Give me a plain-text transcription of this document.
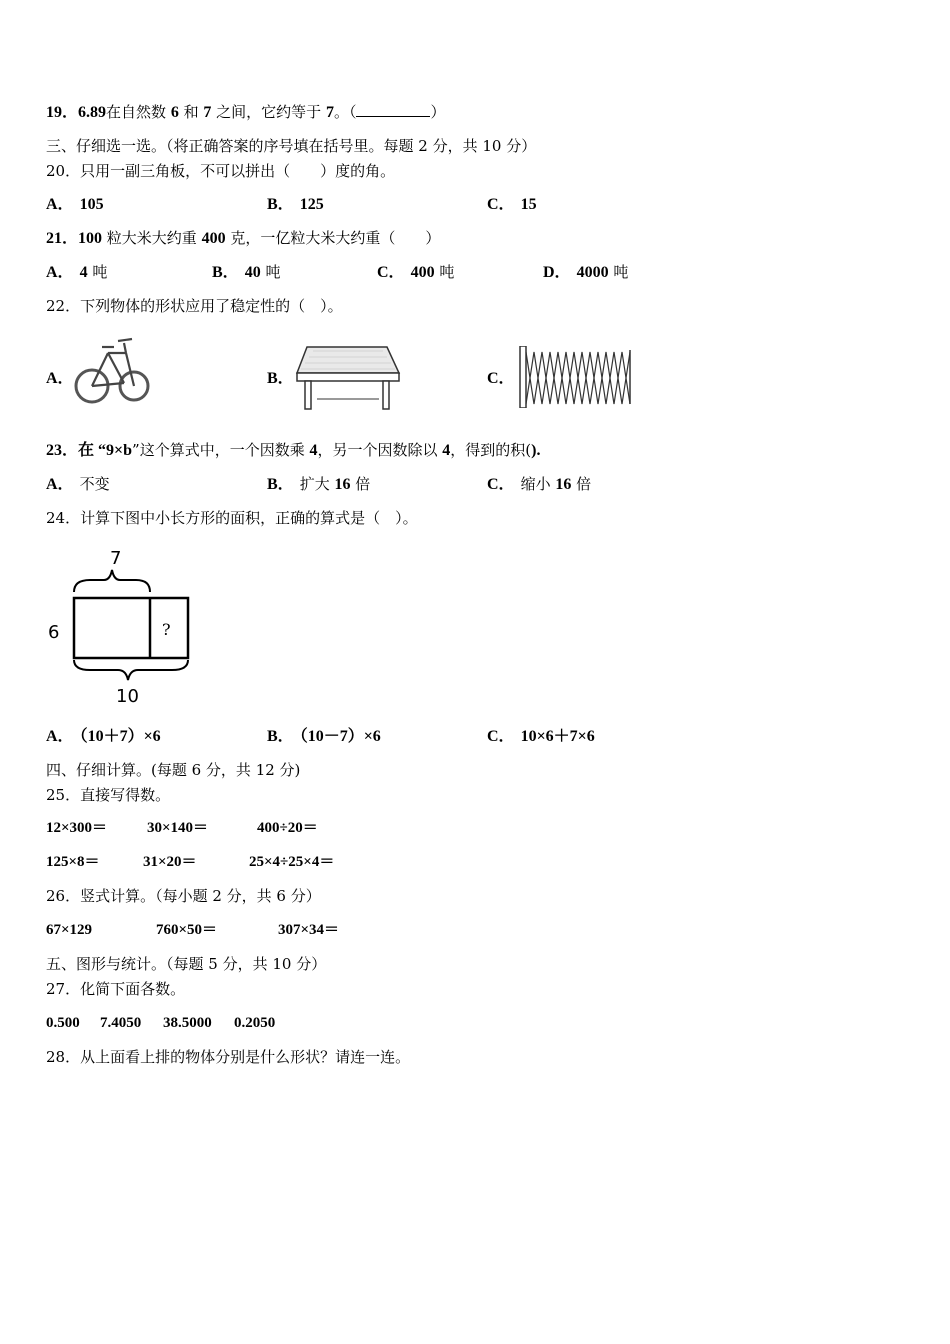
19．6.89在自然数 6 和 7 之间，它约等于 7。（	）
三、仔细选一选。（将正确答案的序号填在括号里。每题 2 分，共 10 分）
20．只用一副三角板，不可以拼出（　　）度的角。
A． 105	B． 125	C． 15
21．100 粒大米大约重 400 克，一亿粒大米大约重（　　）
A． 4 吨	B． 40 吨	C． 400 吨	D． 4000 吨
22．下列物体的形状应用了稳定性的（　）。
A．	B．	C．
23．在 “9×b”这个算式中，一个因数乘 4，另一个因数除以 4，得到的积().
A． 不变	B． 扩大 16 倍	C． 缩小 16 倍
24．计算下图中小长方形的面积，正确的算式是（　）。
7
?
6
10
A． （10＋7）×6	B． （10－7）×6	C． 10×6＋7×6
四、仔细计算。(每题 6 分，共 12 分)
25．直接写得数。
12×300＝	30×140＝	400÷20＝
125×8＝	31×20＝	25×4÷25×4＝
26．竖式计算。（每小题 2 分，共 6 分）
67×129	760×50＝	307×34＝
五、图形与统计。（每题 5 分，共 10 分）
27．化简下面各数。
0.500 7.4050 38.5000 0.2050
28．从上面看上排的物体分别是什么形状？请连一连。
